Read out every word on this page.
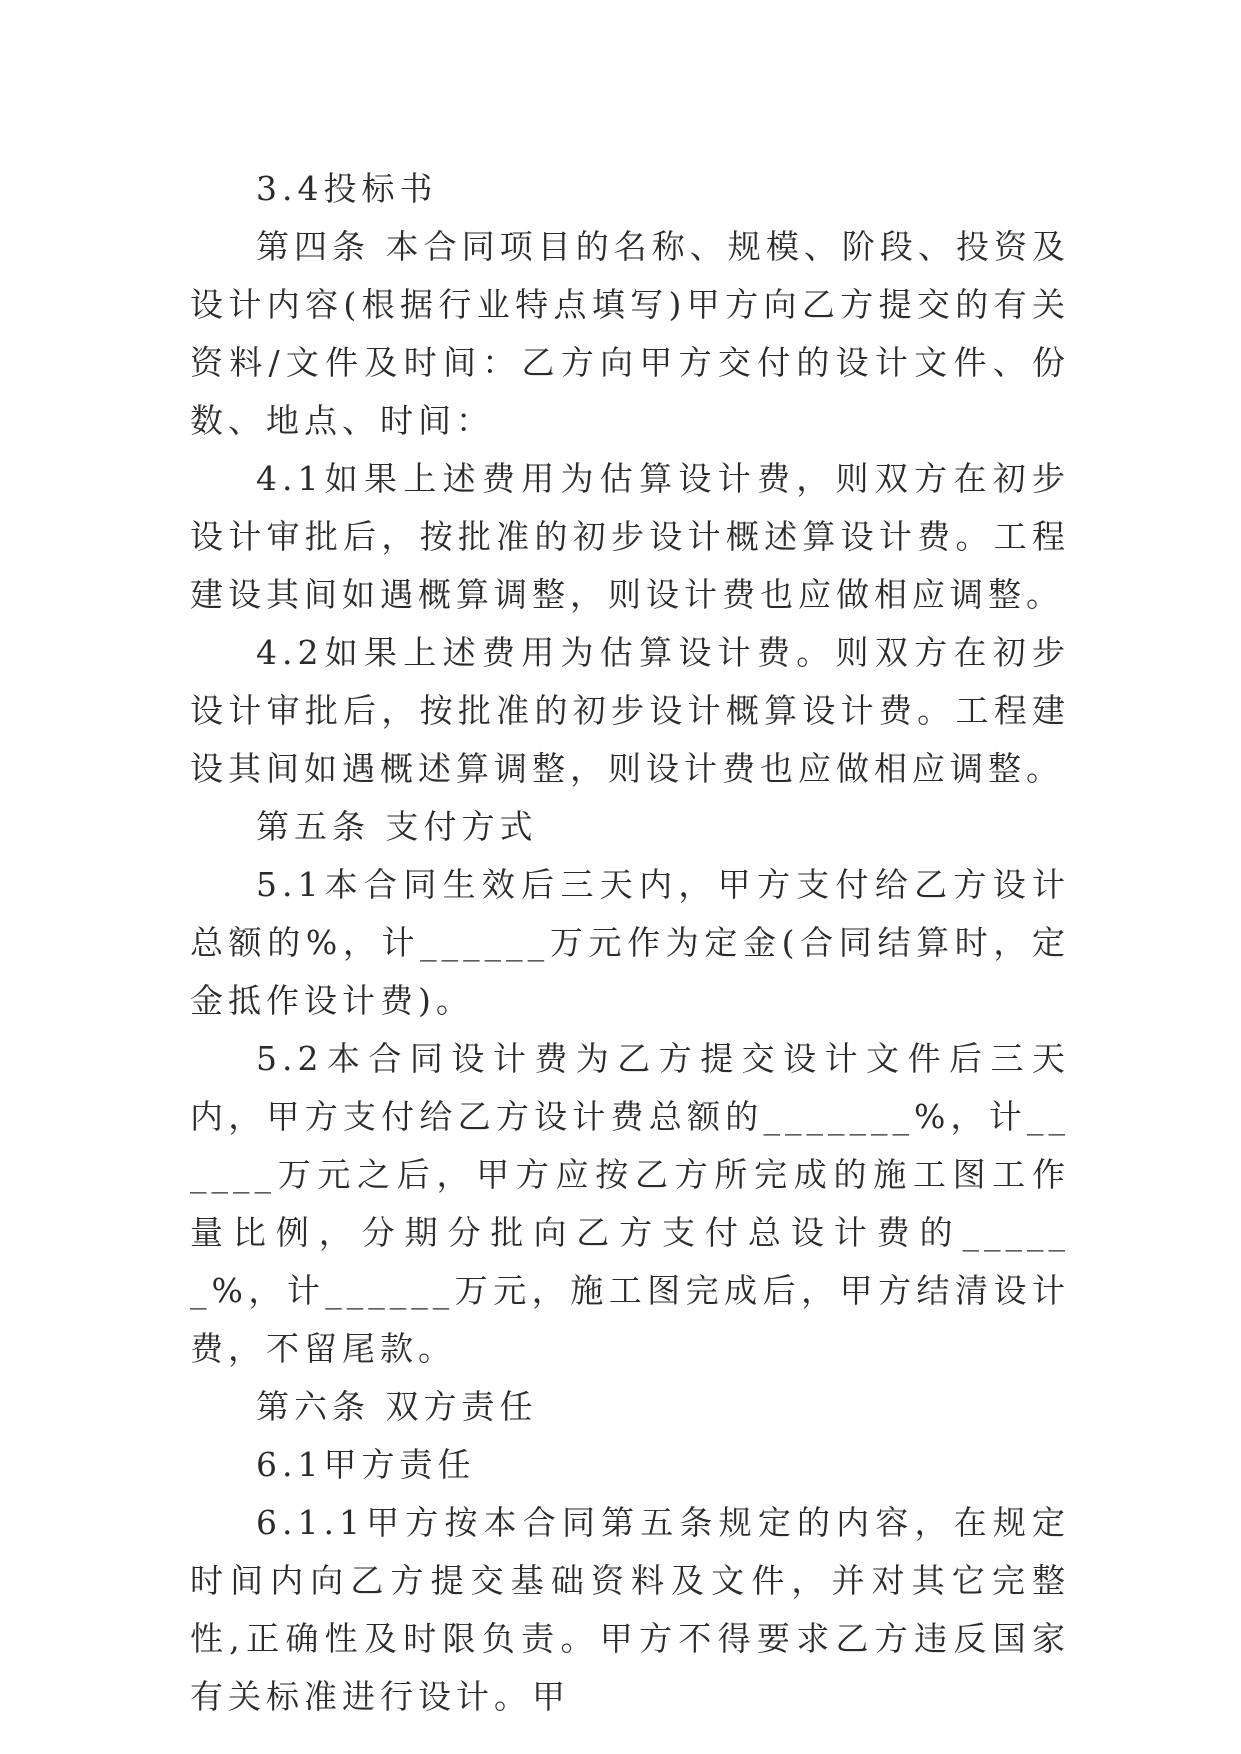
3.4投标书

第四条 本合同项目的名称、规模、阶段、投资及设计内容(根据行业特点填写)甲方向乙方提交的有关资料/文件及时间：乙方向甲方交付的设计文件、份数、地点、时间：

4.1如果上述费用为估算设计费，则双方在初步设计审批后，按批准的初步设计概述算设计费。工程建设其间如遇概算调整，则设计费也应做相应调整。

4.2如果上述费用为估算设计费。则双方在初步设计审批后，按批准的初步设计概算设计费。工程建设其间如遇概述算调整，则设计费也应做相应调整。

第五条 支付方式

5.1本合同生效后三天内，甲方支付给乙方设计总额的%，计______万元作为定金(合同结算时，定金抵作设计费)。

5.2本合同设计费为乙方提交设计文件后三天内，甲方支付给乙方设计费总额的_______%，计______万元之后，甲方应按乙方所完成的施工图工作量比例，分期分批向乙方支付总设计费的______%，计______万元，施工图完成后，甲方结清设计费，不留尾款。

第六条 双方责任

6.1甲方责任

6.1.1甲方按本合同第五条规定的内容，在规定时间内向乙方提交基础资料及文件，并对其它完整性,正确性及时限负责。甲方不得要求乙方违反国家有关标准进行设计。甲
